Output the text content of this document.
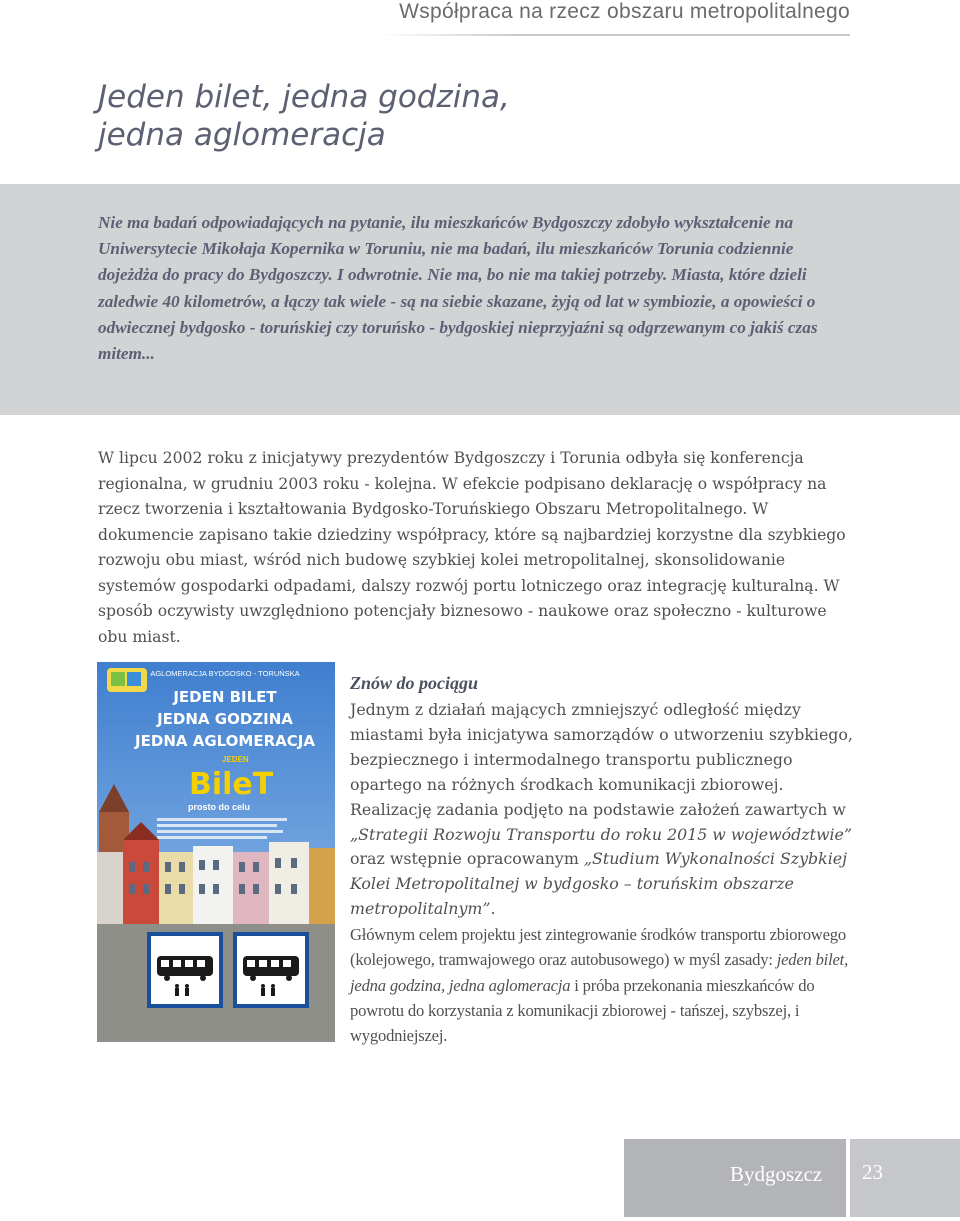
Współpraca na rzecz obszaru metropolitalnego
Jeden bilet, jedna godzina,
jedna aglomeracja

Nie ma badań odpowiadających na pytanie, ilu mieszkańców Bydgoszczy zdobyło wykształcenie na Uniwersytecie Mikołaja Kopernika w Toruniu, nie ma badań, ilu mieszkańców Torunia codziennie dojeżdża do pracy do Bydgoszczy. I odwrotnie. Nie ma, bo nie ma takiej potrzeby. Miasta, które dzieli zaledwie 40 kilometrów, a łączy tak wiele - są na siebie skazane, żyją od lat w symbiozie, a opowieści o odwiecznej bydgosko - toruńskiej czy toruńsko - bydgoskiej nieprzyjaźni są odgrzewanym co jakiś czas mitem...

W lipcu 2002 roku z inicjatywy prezydentów Bydgoszczy i Torunia odbyła się konferencja regionalna, w grudniu 2003 roku - kolejna. W efekcie podpisano deklarację o współpracy na rzecz tworzenia i kształtowania Bydgosko-Toruńskiego Obszaru Metropolitalnego. W dokumencie zapisano takie dziedziny współpracy, które są najbardziej korzystne dla szybkiego rozwoju obu miast, wśród nich budowę szybkiej kolei metropolitalnej, skonsolidowanie systemów gospodarki odpadami, dalszy rozwój portu lotniczego oraz integrację kulturalną. W sposób oczywisty uwzględniono potencjały biznesowo - naukowe oraz społeczno - kulturowe obu miast.

AGLOMERACJA BYDGOSKO - TORUŃSKA
JEDEN BILET
JEDNA GODZINA
JEDNA AGLOMERACJA
JEDEN
BileT
prosto do celu
Znów do pociągu

Jednym z działań mających zmniejszyć odległość między miastami była inicjatywa samorządów o utworzeniu szybkiego, bezpiecznego i intermodalnego transportu publicznego opartego na różnych środkach komunikacji zbiorowej. Realizację zadania podjęto na podstawie założeń zawartych w „Strategii Rozwoju Transportu do roku 2015 w województwie” oraz wstępnie opracowanym „Studium Wykonalności Szybkiej Kolei Metropolitalnej w bydgosko – toruńskim obszarze metropolitalnym”.

Głównym celem projektu jest zintegrowanie środków transportu zbiorowego (kolejowego, tramwajowego oraz autobusowego) w myśl zasady: jeden bilet, jedna godzina, jedna aglomeracja i próba przekonania mieszkańców do powrotu do korzystania z komunikacji zbiorowej - tańszej, szybszej, i wygodniejszej.

Bydgoszcz 23
